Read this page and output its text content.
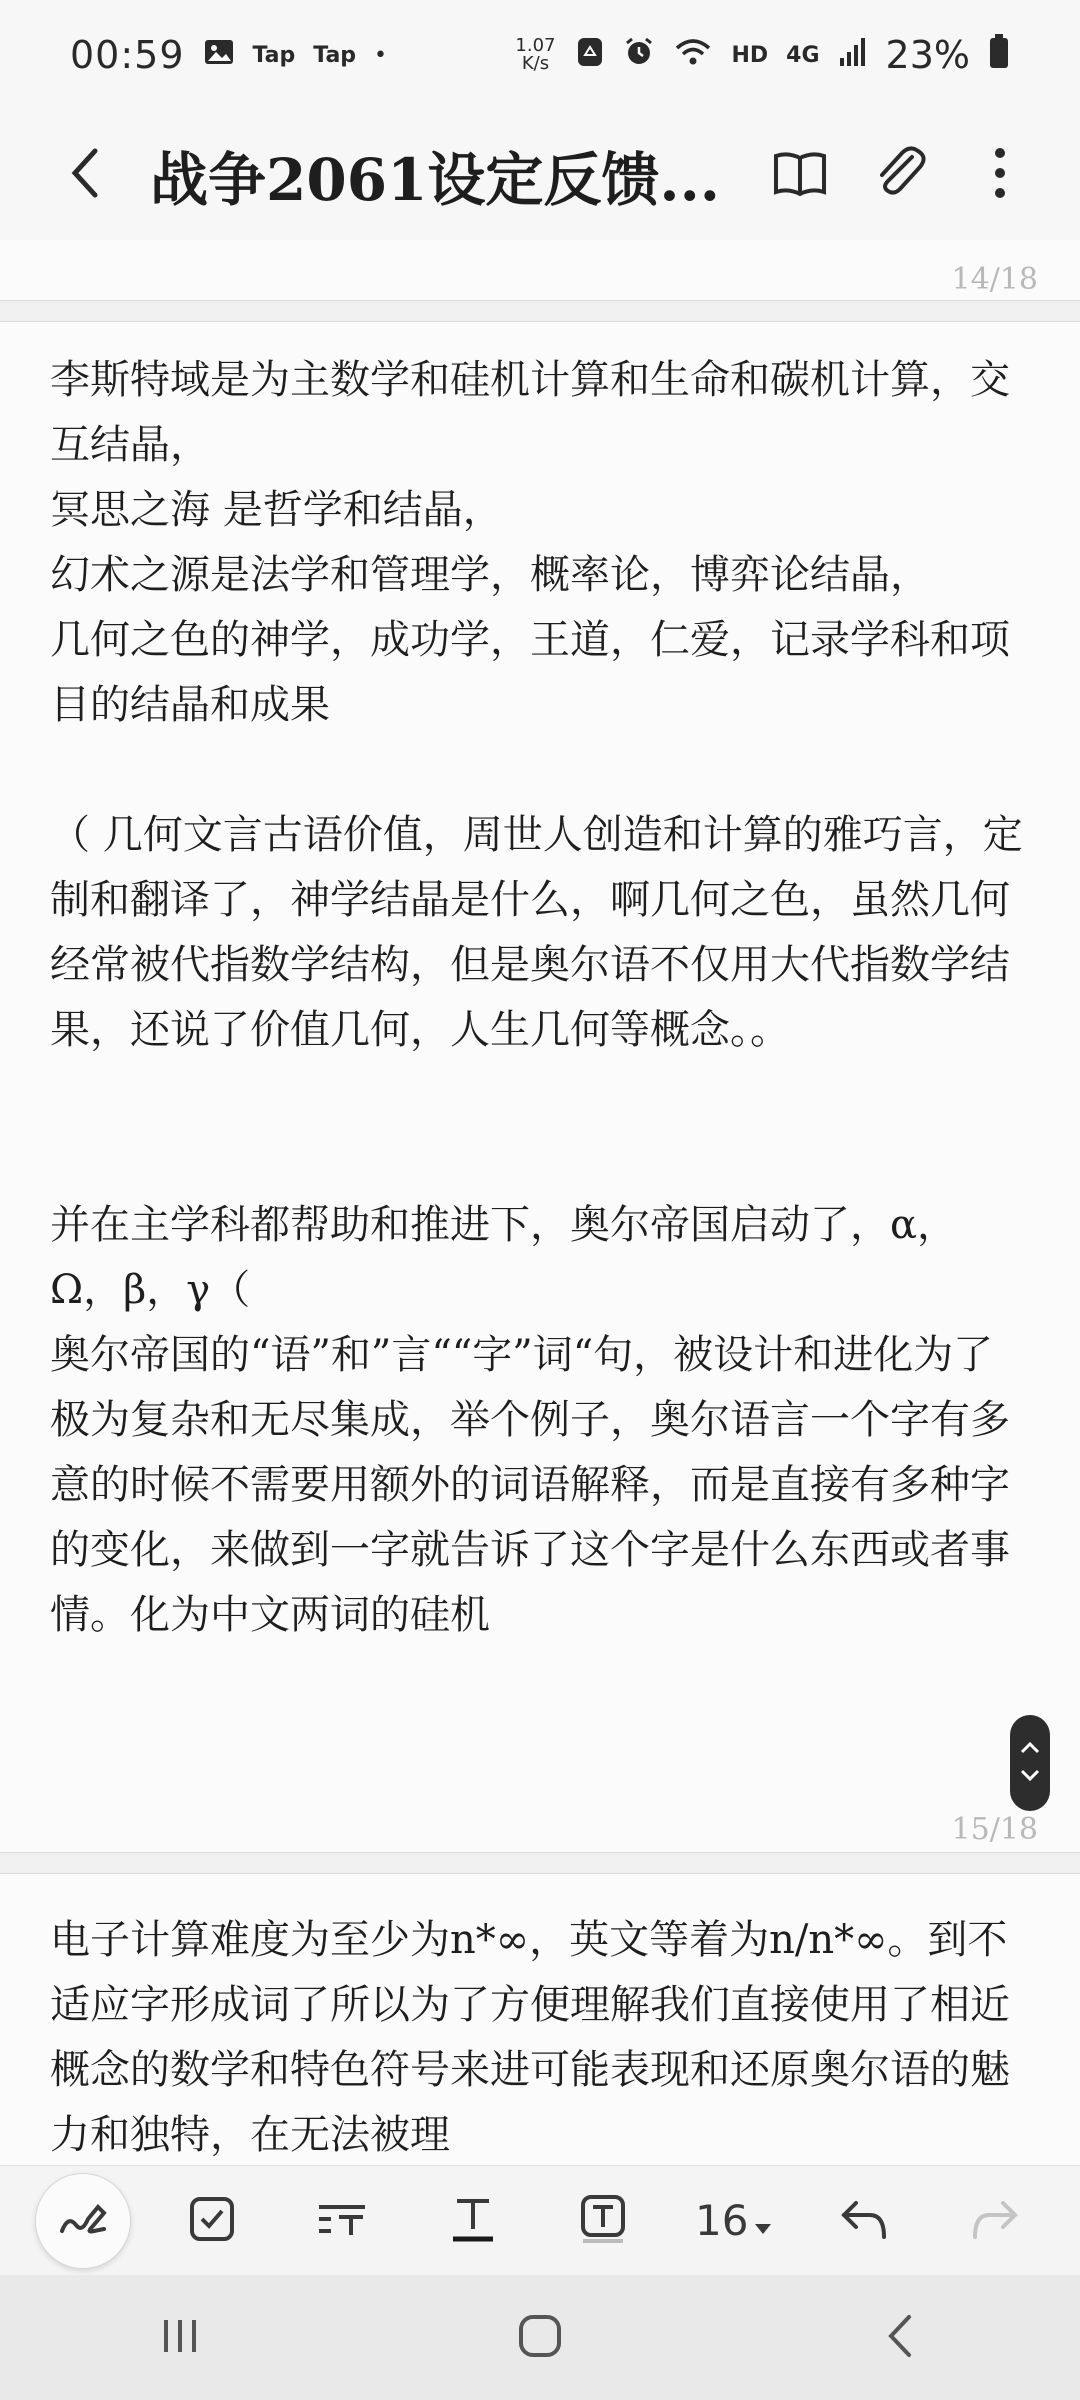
00:59	Tap Tap •	1.07
K/s	HD 4G 23%
战争2061设定反馈...
14/18
李斯特域是为主数学和硅机计算和生命和碳机计算，交互结晶，
冥思之海 是哲学和结晶，
幻术之源是法学和管理学，概率论，博弈论结晶，
几何之色的神学，成功学，王道，仁爱，记录学科和项目的结晶和成果

（ 几何文言古语价值，周世人创造和计算的雅巧言，定制和翻译了，神学结晶是什么，啊几何之色，虽然几何经常被代指数学结构，但是奥尔语不仅用大代指数学结果，还说了价值几何，人生几何等概念。。

并在主学科都帮助和推进下，奥尔帝国启动了，α，Ω，β，γ（
奥尔帝国的“语”和”言““字”词“句，被设计和进化为了极为复杂和无尽集成，举个例子，奥尔语言一个字有多意的时候不需要用额外的词语解释，而是直接有多种字的变化，来做到一字就告诉了这个字是什么东西或者事情。化为中文两词的硅机
15/18
电子计算难度为至少为n*∞，英文等着为n/n*∞。到不适应字形成词了所以为了方便理解我们直接使用了相近概念的数学和特色符号来进可能表现和还原奥尔语的魅力和独特，在无法被理
16
